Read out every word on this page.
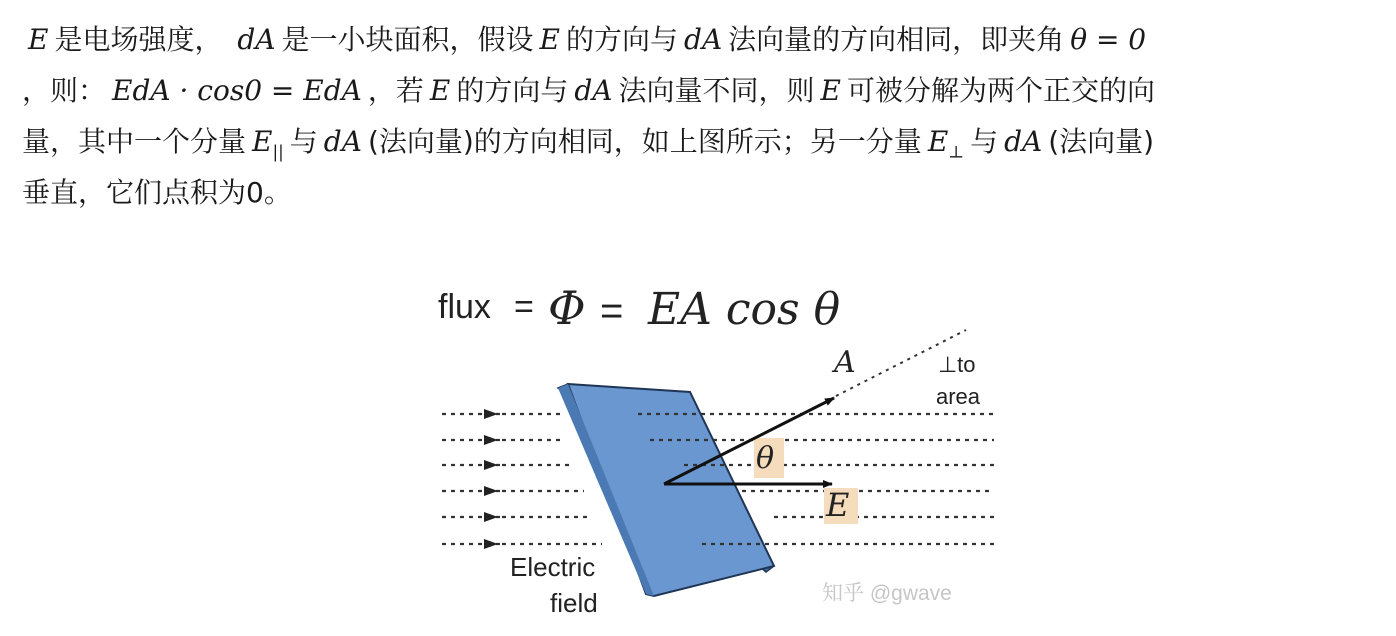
E 是电场强度， dA 是一小块面积，假设 E 的方向与 dA 法向量的方向相同，即夹角 θ = 0
，则： EdA · cos0 = EdA ，若 E 的方向与 dA 法向量不同，则 E 可被分解为两个正交的向
量，其中一个分量 $E_{||}$ 与 dA (法向量)的方向相同，如上图所示；另一分量 $E_\perp$ 与 dA (法向量)
垂直，它们点积为0。
flux = Φ = EA cos θ
A	⊥to
area
θ
E
Electric
field	知乎 @gwave
